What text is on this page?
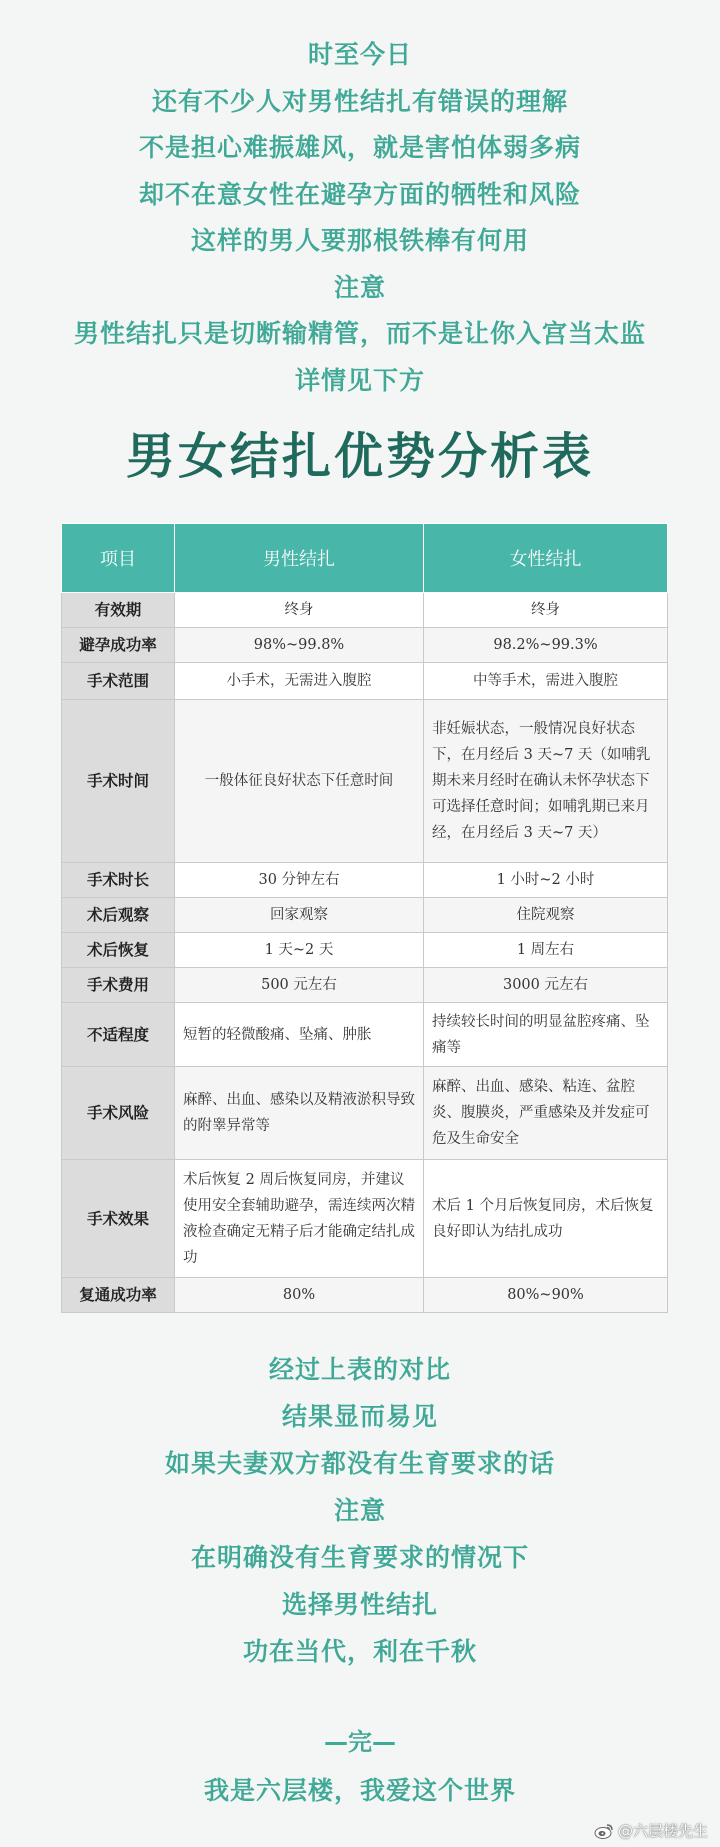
时至今日
还有不少人对男性结扎有错误的理解
不是担心难振雄风，就是害怕体弱多病
却不在意女性在避孕方面的牺牲和风险
这样的男人要那根铁棒有何用
注意
男性结扎只是切断输精管，而不是让你入宫当太监
详情见下方
男女结扎优势分析表
项目	男性结扎	女性结扎
有效期	终身	终身
避孕成功率	98%~99.8%	98.2%~99.3%
手术范围	小手术，无需进入腹腔	中等手术，需进入腹腔
手术时间	一般体征良好状态下任意时间	非妊娠状态，一般情况良好状态下，在月经后 3 天~7 天（如哺乳期未来月经时在确认未怀孕状态下可选择任意时间；如哺乳期已来月经，在月经后 3 天~7 天）
手术时长	30 分钟左右	1 小时~2 小时
术后观察	回家观察	住院观察
术后恢复	1 天~2 天	1 周左右
手术费用	500 元左右	3000 元左右
不适程度	短暂的轻微酸痛、坠痛、肿胀	持续较长时间的明显盆腔疼痛、坠痛等
手术风险	麻醉、出血、感染以及精液淤积导致的附睾异常等	麻醉、出血、感染、粘连、盆腔炎、腹膜炎，严重感染及并发症可危及生命安全
手术效果	术后恢复 2 周后恢复同房，并建议使用安全套辅助避孕，需连续两次精液检查确定无精子后才能确定结扎成功	术后 1 个月后恢复同房，术后恢复良好即认为结扎成功
复通成功率	80%	80%~90%
经过上表的对比
结果显而易见
如果夫妻双方都没有生育要求的话
注意
在明确没有生育要求的情况下
选择男性结扎
功在当代，利在千秋
—完—
我是六层楼，我爱这个世界
@六层楼先生
